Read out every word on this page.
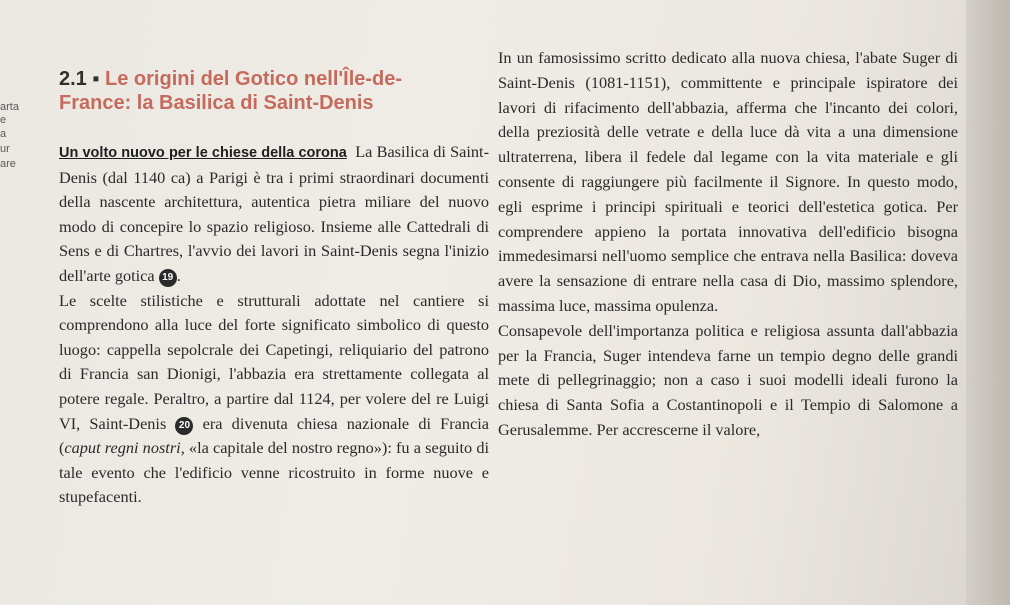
arta
e
a
ur
are
2.1 ▪ Le origini del Gotico nell'Île-de-
France: la Basilica di Saint-Denis

Un volto nuovo per le chiese della corona La Basilica di Saint-Denis (dal 1140 ca) a Parigi è tra i primi straordinari documenti della nascente architettura, autentica pietra miliare del nuovo modo di concepire lo spazio religioso. Insieme alle Cattedrali di Sens e di Chartres, l'avvio dei lavori in Saint-Denis segna l'inizio dell'arte gotica 19 .

Le scelte stilistiche e strutturali adottate nel cantiere si comprendono alla luce del forte significato simbolico di questo luogo: cappella sepolcrale dei Capetingi, reliquiario del patrono di Francia san Dionigi, l'abbazia era strettamente collegata al potere regale. Peraltro, a partire dal 1124, per volere del re Luigi VI, Saint-Denis 20 era divenuta chiesa nazionale di Francia (caput regni nostri, «la capitale del nostro regno»): fu a seguito di tale evento che l'edificio venne ricostruito in forme nuove e stupefacenti.

In un famosissimo scritto dedicato alla nuova chiesa, l'abate Suger di Saint-Denis (1081-1151), committente e principale ispiratore dei lavori di rifacimento dell'abbazia, afferma che l'incanto dei colori, della preziosità delle vetrate e della luce dà vita a una dimensione ultraterrena, libera il fedele dal legame con la vita materiale e gli consente di raggiungere più facilmente il Signore. In questo modo, egli esprime i principi spirituali e teorici dell'estetica gotica. Per comprendere appieno la portata innovativa dell'edificio bisogna immedesimarsi nell'uomo semplice che entrava nella Basilica: doveva avere la sensazione di entrare nella casa di Dio, massimo splendore, massima luce, massima opulenza.

Consapevole dell'importanza politica e religiosa assunta dall'abbazia per la Francia, Suger intendeva farne un tempio degno delle grandi mete di pellegrinaggio; non a caso i suoi modelli ideali furono la chiesa di Santa Sofia a Costantinopoli e il Tempio di Salomone a Gerusalemme. Per accrescerne il valore,
